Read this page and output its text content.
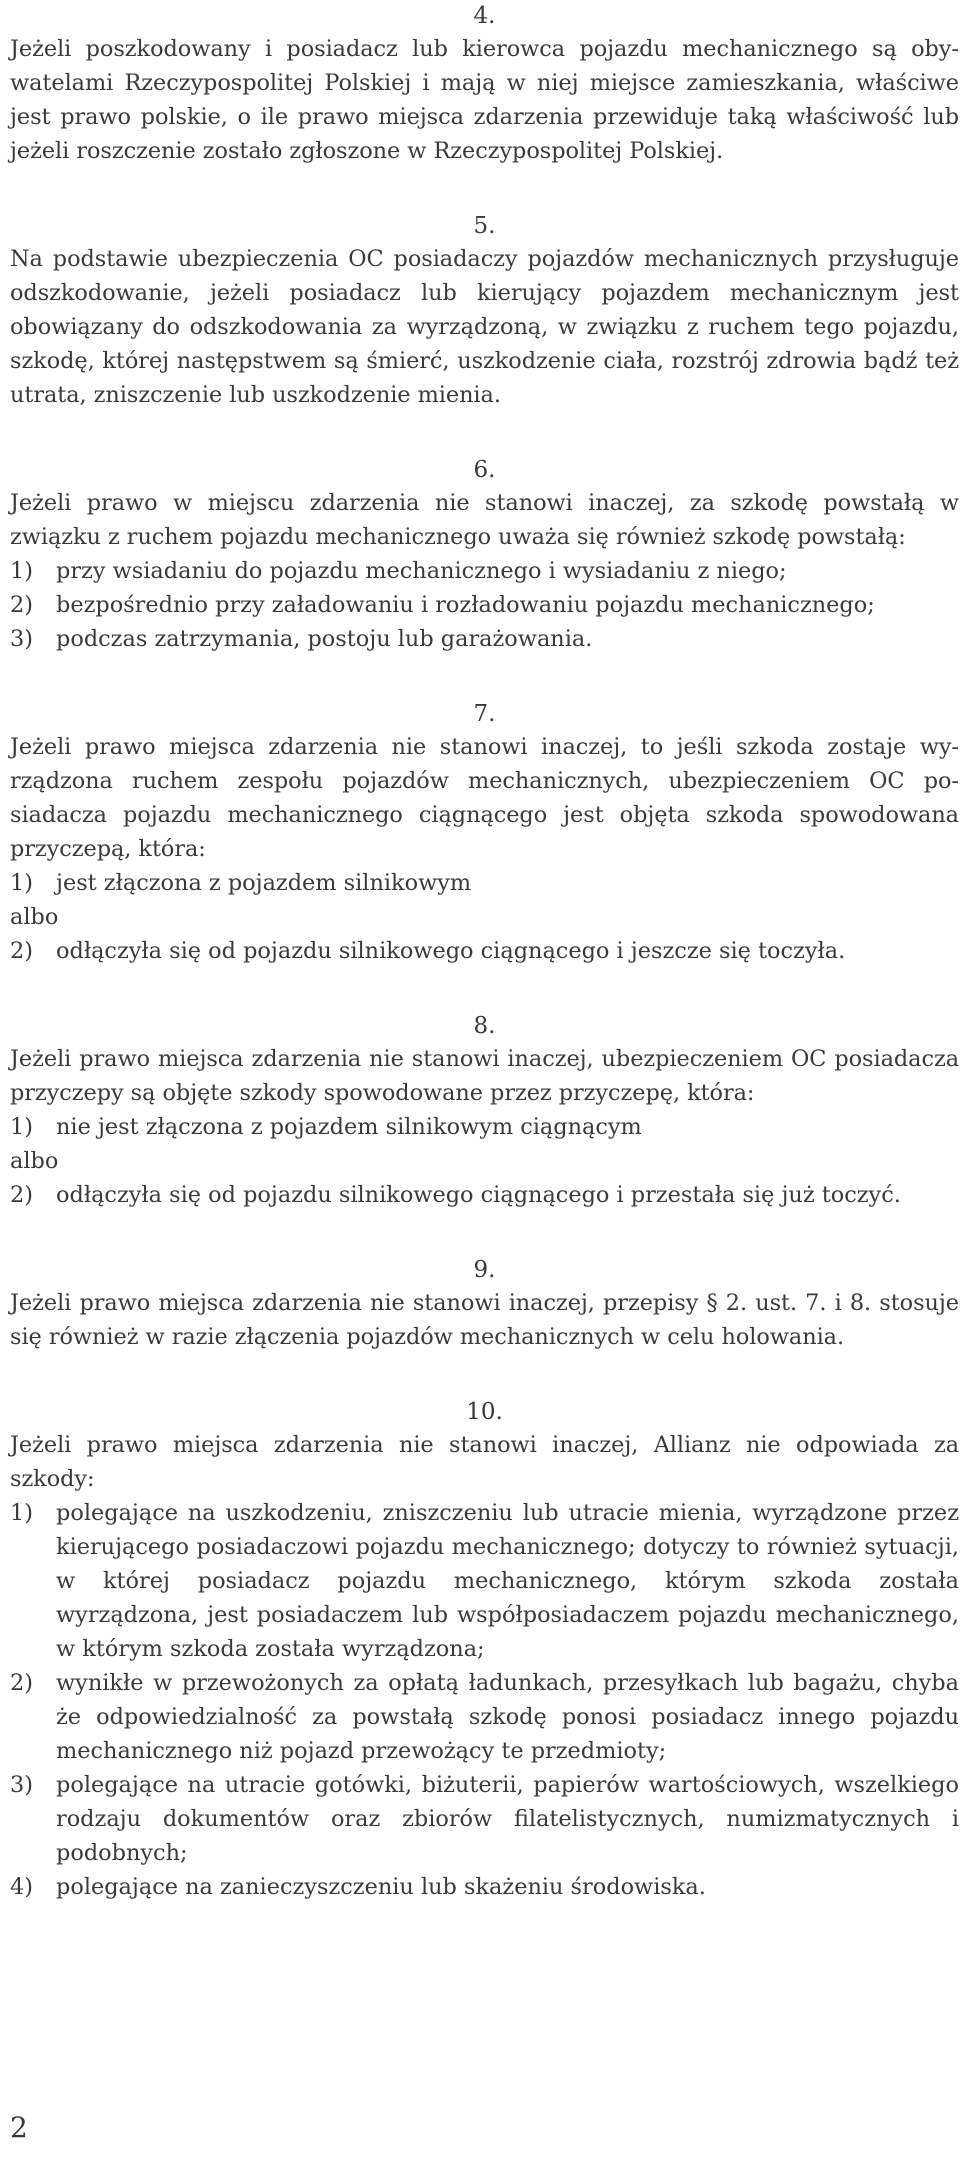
4.
Jeżeli poszkodowany i posiadacz lub kierowca pojazdu mechanicznego są obywatelami Rzeczypospolitej Polskiej i mają w niej miejsce zamieszkania, właściwe jest prawo polskie, o ile prawo miejsca zdarzenia przewiduje taką właściwość lub jeżeli roszczenie zostało zgłoszone w Rzeczypospolitej Polskiej.
5.
Na podstawie ubezpieczenia OC posiadaczy pojazdów mechanicznych przysługuje odszkodowanie, jeżeli posiadacz lub kierujący pojazdem mechanicznym jest obowiązany do odszkodowania za wyrządzoną, w związku z ruchem tego pojazdu, szkodę, której następstwem są śmierć, uszkodzenie ciała, rozstrój zdrowia bądź też utrata, zniszczenie lub uszkodzenie mienia.
6.
Jeżeli prawo w miejscu zdarzenia nie stanowi inaczej, za szkodę powstałą w związku z ruchem pojazdu mechanicznego uważa się również szkodę powstałą:
1)	przy wsiadaniu do pojazdu mechanicznego i wysiadaniu z niego;
2)	bezpośrednio przy załadowaniu i rozładowaniu pojazdu mechanicznego;
3)	podczas zatrzymania, postoju lub garażowania.
7.
Jeżeli prawo miejsca zdarzenia nie stanowi inaczej, to jeśli szkoda zostaje wyrządzona ruchem zespołu pojazdów mechanicznych, ubezpieczeniem OC posiadacza pojazdu mechanicznego ciągnącego jest objęta szkoda spowodowana przyczepą, która:
1)	jest złączona z pojazdem silnikowym
albo
2)	odłączyła się od pojazdu silnikowego ciągnącego i jeszcze się toczyła.
8.
Jeżeli prawo miejsca zdarzenia nie stanowi inaczej, ubezpieczeniem OC posiadacza przyczepy są objęte szkody spowodowane przez przyczepę, która:
1)	nie jest złączona z pojazdem silnikowym ciągnącym
albo
2)	odłączyła się od pojazdu silnikowego ciągnącego i przestała się już toczyć.
9.
Jeżeli prawo miejsca zdarzenia nie stanowi inaczej, przepisy § 2. ust. 7. i 8. stosuje się również w razie złączenia pojazdów mechanicznych w celu holowania.
10.
Jeżeli prawo miejsca zdarzenia nie stanowi inaczej, Allianz nie odpowiada za szkody:
1)	polegające na uszkodzeniu, zniszczeniu lub utracie mienia, wyrządzone przez kierującego posiadaczowi pojazdu mechanicznego; dotyczy to również sytuacji, w której posiadacz pojazdu mechanicznego, którym szkoda została wyrządzona, jest posiadaczem lub współposiadaczem pojazdu mechanicznego, w którym szkoda została wyrządzona;
2)	wynikłe w przewożonych za opłatą ładunkach, przesyłkach lub bagażu, chyba że odpowiedzialność za powstałą szkodę ponosi posiadacz innego pojazdu mechanicznego niż pojazd przewożący te przedmioty;
3)	polegające na utracie gotówki, biżuterii, papierów wartościowych, wszelkiego rodzaju dokumentów oraz zbiorów filatelistycznych, numizmatycznych i podobnych;
4)	polegające na zanieczyszczeniu lub skażeniu środowiska.
2
